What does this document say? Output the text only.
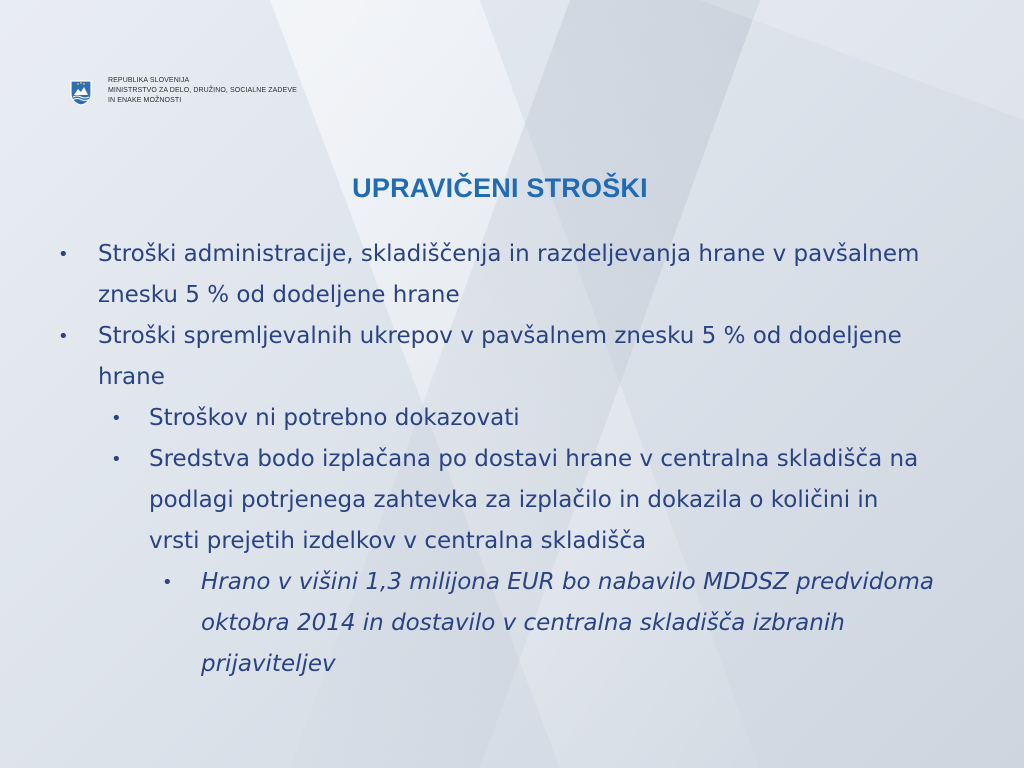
REPUBLIKA SLOVENIJA
MINISTRSTVO ZA DELO, DRUŽINO, SOCIALNE ZADEVE
IN ENAKE MOŽNOSTI
UPRAVIČENI STROŠKI
• Stroški administracije, skladiščenja in razdeljevanja hrane v pavšalnem znesku 5 % od dodeljene hrane
• Stroški spremljevalnih ukrepov v pavšalnem znesku 5 % od dodeljene hrane
• Stroškov ni potrebno dokazovati
• Sredstva bodo izplačana po dostavi hrane v centralna skladišča na podlagi potrjenega zahtevka za izplačilo in dokazila o količini in vrsti prejetih izdelkov v centralna skladišča
• Hrano v višini 1,3 milijona EUR bo nabavilo MDDSZ predvidoma oktobra 2014 in dostavilo v centralna skladišča izbranih prijaviteljev
